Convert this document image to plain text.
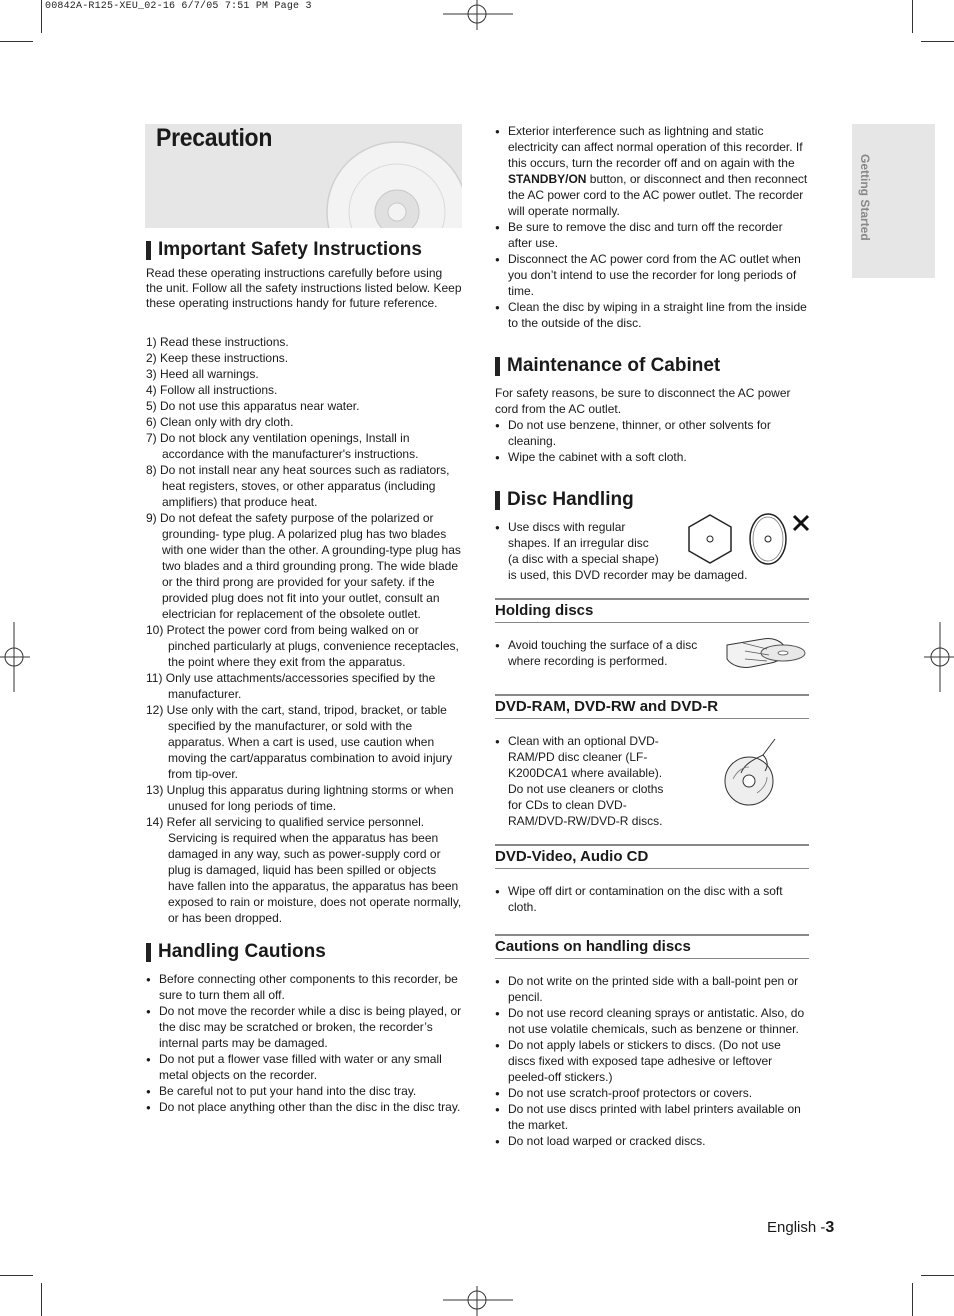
00842A-R125-XEU_02-16 6/7/05 7:51 PM Page 3
Getting Started
Precaution
Important Safety Instructions

Read these operating instructions carefully before using the unit. Follow all the safety instructions listed below. Keep these operating instructions handy for future reference.

1) Read these instructions.
2) Keep these instructions.
3) Heed all warnings.
4) Follow all instructions.
5) Do not use this apparatus near water.
6) Clean only with dry cloth.
7) Do not block any ventilation openings, Install in accordance with the manufacturer's instructions.
8) Do not install near any heat sources such as radiators, heat registers, stoves, or other apparatus (including amplifiers) that produce heat.
9) Do not defeat the safety purpose of the polarized or grounding- type plug. A polarized plug has two blades with one wider than the other. A grounding-type plug has two blades and a third grounding prong. The wide blade or the third prong are provided for your safety. if the provided plug does not fit into your outlet, consult an electrician for replacement of the obsolete outlet.
10) Protect the power cord from being walked on or pinched particularly at plugs, convenience receptacles, the point where they exit from the apparatus.
11) Only use attachments/accessories specified by the manufacturer.
12) Use only with the cart, stand, tripod, bracket, or table specified by the manufacturer, or sold with the apparatus. When a cart is used, use caution when moving the cart/apparatus combination to avoid injury from tip-over.
13) Unplug this apparatus during lightning storms or when unused for long periods of time.
14) Refer all servicing to qualified service personnel. Servicing is required when the apparatus has been damaged in any way, such as power-supply cord or plug is damaged, liquid has been spilled or objects have fallen into the apparatus, the apparatus has been exposed to rain or moisture, does not operate normally, or has been dropped.
Handling Cautions
● Before connecting other components to this recorder, be sure to turn them all off.
● Do not move the recorder while a disc is being played, or the disc may be scratched or broken, the recorder’s internal parts may be damaged.
● Do not put a flower vase filled with water or any small metal objects on the recorder.
● Be careful not to put your hand into the disc tray.
● Do not place anything other than the disc in the disc tray.
● Exterior interference such as lightning and static electricity can affect normal operation of this recorder. If this occurs, turn the recorder off and on again with the STANDBY/ON button, or disconnect and then reconnect the AC power cord to the AC power outlet. The recorder will operate normally.
● Be sure to remove the disc and turn off the recorder after use.
● Disconnect the AC power cord from the AC outlet when you don’t intend to use the recorder for long periods of time.
● Clean the disc by wiping in a straight line from the inside to the outside of the disc.
Maintenance of Cabinet

For safety reasons, be sure to disconnect the AC power cord from the AC outlet.

● Do not use benzene, thinner, or other solvents for cleaning.
● Wipe the cabinet with a soft cloth.
Disc Handling
● Use discs with regular shapes. If an irregular disc (a disc with a special shape)

is used, this DVD recorder may be damaged.

Holding discs
● Avoid touching the surface of a disc where recording is performed.
DVD-RAM, DVD-RW and DVD-R
● Clean with an optional DVD-RAM/PD disc cleaner (LF-K200DCA1 where available). Do not use cleaners or cloths for CDs to clean DVD-RAM/DVD-RW/DVD-R discs.
DVD-Video, Audio CD
● Wipe off dirt or contamination on the disc with a soft cloth.
Cautions on handling discs
● Do not write on the printed side with a ball-point pen or pencil.
● Do not use record cleaning sprays or antistatic. Also, do not use volatile chemicals, such as benzene or thinner.
● Do not apply labels or stickers to discs. (Do not use discs fixed with exposed tape adhesive or leftover peeled-off stickers.)
● Do not use scratch-proof protectors or covers.
● Do not use discs printed with label printers available on the market.
● Do not load warped or cracked discs.
English -3
